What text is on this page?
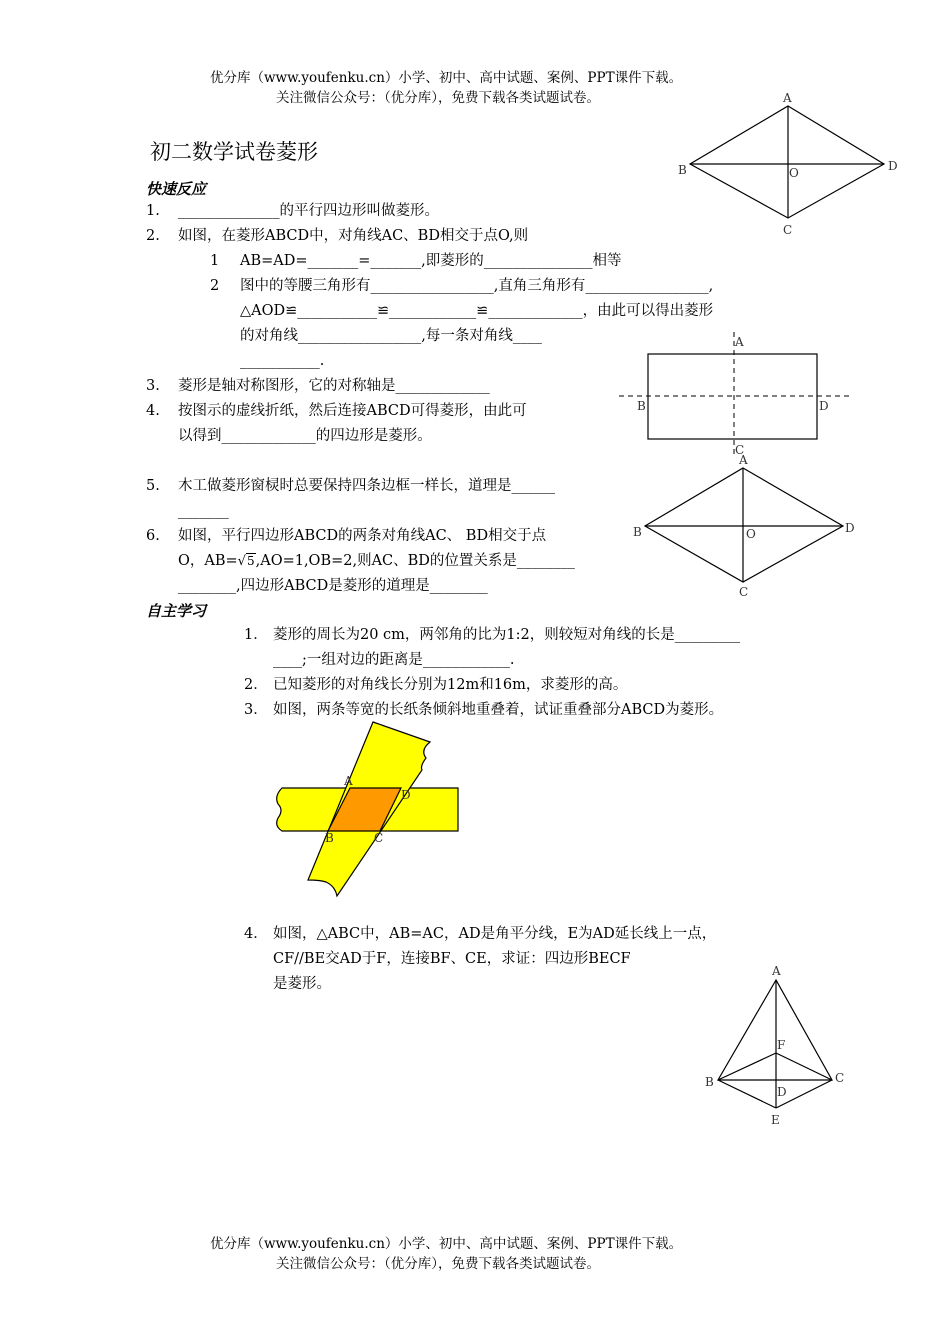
优分库（www.youfenku.cn）小学、初中、高中试题、案例、PPT课件下载。
关注微信公众号：（优分库），免费下载各类试题试卷。
初二数学试卷菱形
快速反应
1. ______________的平行四边形叫做菱形。
2. 如图，在菱形ABCD中，对角线AC、BD相交于点O,则
1 AB=AD=_______=_______,即菱形的_______________相等
2 图中的等腰三角形有_________________,直角三角形有_________________,
△AOD≌___________≌____________≌_____________，由此可以得出菱形
的对角线_________________,每一条对角线____
___________.
3. 菱形是轴对称图形，它的对称轴是_____________
4. 按图示的虚线折纸，然后连接ABCD可得菱形，由此可
以得到_____________的四边形是菱形。
5. 木工做菱形窗棂时总要保持四条边框一样长，道理是______
_______
6. 如图，平行四边形ABCD的两条对角线AC、 BD相交于点
O，AB=√5,AO=1,OB=2,则AC、BD的位置关系是________
________,四边形ABCD是菱形的道理是________
自主学习
1． 菱形的周长为20 cm，两邻角的比为1:2，则较短对角线的长是_________
____;一组对边的距离是____________.
2． 已知菱形的对角线长分别为12m和16m，求菱形的高。
3． 如图，两条等宽的长纸条倾斜地重叠着，试证重叠部分ABCD为菱形。
4． 如图，△ABC中，AB=AC，AD是角平分线，E为AD延长线上一点，
CF//BE交AD于F，连接BF、CE，求证：四边形BECF
是菱形。
A
B
C
D
O
A
B
C
D
A
B
C
D
O
A
B	C
D
A
B	C
D
E
F
优分库（www.youfenku.cn）小学、初中、高中试题、案例、PPT课件下载。
关注微信公众号：（优分库），免费下载各类试题试卷。
